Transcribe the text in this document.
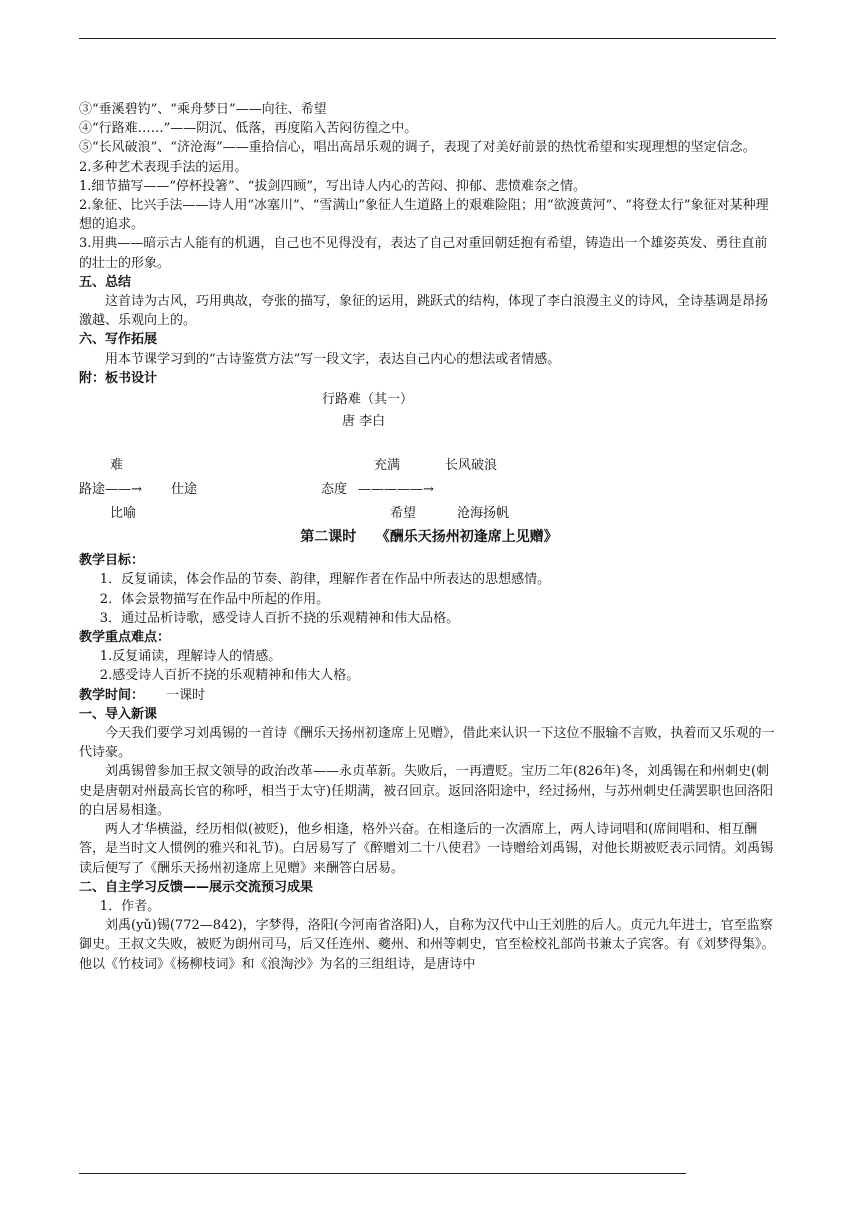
③“垂溪碧钓”、“乘舟梦日”——向往、希望

④“行路难……”——阴沉、低落，再度陷入苦闷彷徨之中。

⑤“长风破浪”、“济沧海”——重拾信心，唱出高昂乐观的调子，表现了对美好前景的热忱希望和实现理想的坚定信念。

2.多种艺术表现手法的运用。

1.细节描写——“停杯投箸”、“拔剑四顾”，写出诗人内心的苦闷、抑郁、悲愤难奈之情。

2.象征、比兴手法——诗人用“冰塞川”、“雪满山”象征人生道路上的艰难险阻；用“欲渡黄河”、“将登太行”象征对某种理想的追求。

3.用典——暗示古人能有的机遇，自己也不见得没有，表达了自己对重回朝廷抱有希望，铸造出一个雄姿英发、勇往直前的壮士的形象。

五、总结

这首诗为古风，巧用典故，夸张的描写，象征的运用，跳跃式的结构，体现了李白浪漫主义的诗风，全诗基调是昂扬激越、乐观向上的。

六、写作拓展

用本节课学习到的“古诗鉴赏方法”写一段文字，表达自己内心的想法或者情感。

附：板书设计

行路难（其一）
唐 李白
难	充满	长风破浪
路途——→ 仕途	态度 —————→
比喻	希望	沧海扬帆

第二课时    《酬乐天扬州初逢席上见赠》

教学目标：

1．反复诵读，体会作品的节奏、韵律，理解作者在作品中所表达的思想感情。

2．体会景物描写在作品中所起的作用。

3．通过品析诗歌，感受诗人百折不挠的乐观精神和伟大品格。

教学重点难点：

1.反复诵读，理解诗人的情感。

2.感受诗人百折不挠的乐观精神和伟大人格。

教学时间： 一课时

一、导入新课

今天我们要学习刘禹锡的一首诗《酬乐天扬州初逢席上见赠》，借此来认识一下这位不服输不言败，执着而又乐观的一代诗豪。

刘禹锡曾参加王叔文领导的政治改革——永贞革新。失败后，一再遭贬。宝历二年(826年)冬，刘禹锡在和州刺史(刺史是唐朝对州最高长官的称呼，相当于太守)任期满，被召回京。返回洛阳途中，经过扬州，与苏州刺史任满罢职也回洛阳的白居易相逢。

两人才华横溢，经历相似(被贬)，他乡相逢，格外兴奋。在相逢后的一次酒席上，两人诗词唱和(席间唱和、相互酬答，是当时文人惯例的雅兴和礼节)。白居易写了《醉赠刘二十八使君》一诗赠给刘禹锡，对他长期被贬表示同情。刘禹锡读后便写了《酬乐天扬州初逢席上见赠》来酬答白居易。

二、自主学习反馈——展示交流预习成果

1．作者。

刘禹(yǔ)锡(772—842)，字梦得，洛阳(今河南省洛阳)人，自称为汉代中山王刘胜的后人。贞元九年进士，官至监察御史。王叔文失败，被贬为朗州司马，后又任连州、夔州、和州等刺史，官至检校礼部尚书兼太子宾客。有《刘梦得集》。他以《竹枝词》《杨柳枝词》和《浪淘沙》为名的三组组诗，是唐诗中
